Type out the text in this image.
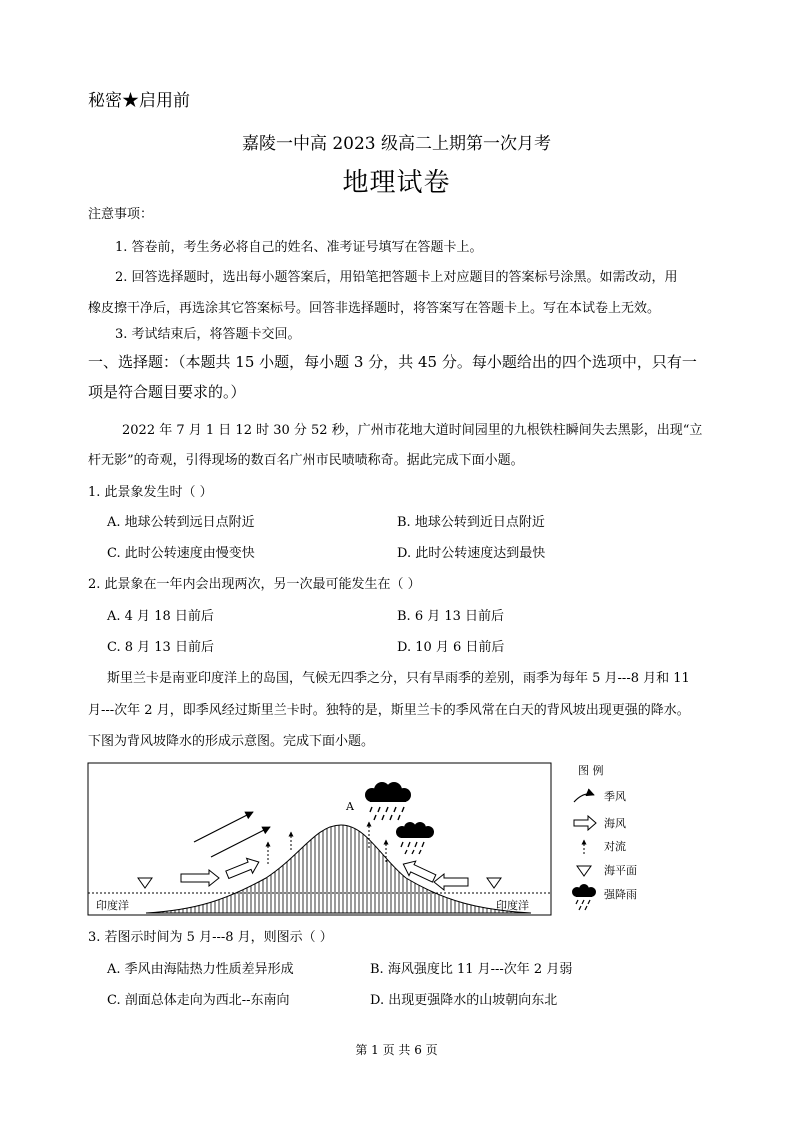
秘密★启用前
嘉陵一中高 2023 级高二上期第一次月考
地理试卷
注意事项：
1. 答卷前，考生务必将自己的姓名、准考证号填写在答题卡上。
2. 回答选择题时，选出每小题答案后，用铅笔把答题卡上对应题目的答案标号涂黑。如需改动，用
橡皮擦干净后，再选涂其它答案标号。回答非选择题时，将答案写在答题卡上。写在本试卷上无效。
3. 考试结束后，将答题卡交回。
一、选择题：（本题共 15 小题，每小题 3 分，共 45 分。每小题给出的四个选项中，只有一
项是符合题目要求的。）
2022 年 7 月 1 日 12 时 30 分 52 秒，广州市花地大道时间园里的九根铁柱瞬间失去黑影，出现“立
杆无影”的奇观，引得现场的数百名广州市民啧啧称奇。据此完成下面小题。
1. 此景象发生时（ ）
A. 地球公转到远日点附近	B. 地球公转到近日点附近
C. 此时公转速度由慢变快	D. 此时公转速度达到最快
2. 此景象在一年内会出现两次，另一次最可能发生在（ ）
A. 4 月 18 日前后	B. 6 月 13 日前后
C. 8 月 13 日前后	D. 10 月 6 日前后
斯里兰卡是南亚印度洋上的岛国，气候无四季之分，只有旱雨季的差别，雨季为每年 5 月---8 月和 11
月---次年 2 月，即季风经过斯里兰卡时。独特的是，斯里兰卡的季风常在白天的背风坡出现更强的降水。
下图为背风坡降水的形成示意图。完成下面小题。
A
印度洋	印度洋
图 例
季风
海风
对流
海平面
强降雨
3. 若图示时间为 5 月---8 月，则图示（ ）
A. 季风由海陆热力性质差异形成	B. 海风强度比 11 月---次年 2 月弱
C. 剖面总体走向为西北--东南向	D. 出现更强降水的山坡朝向东北
第 1 页 共 6 页
